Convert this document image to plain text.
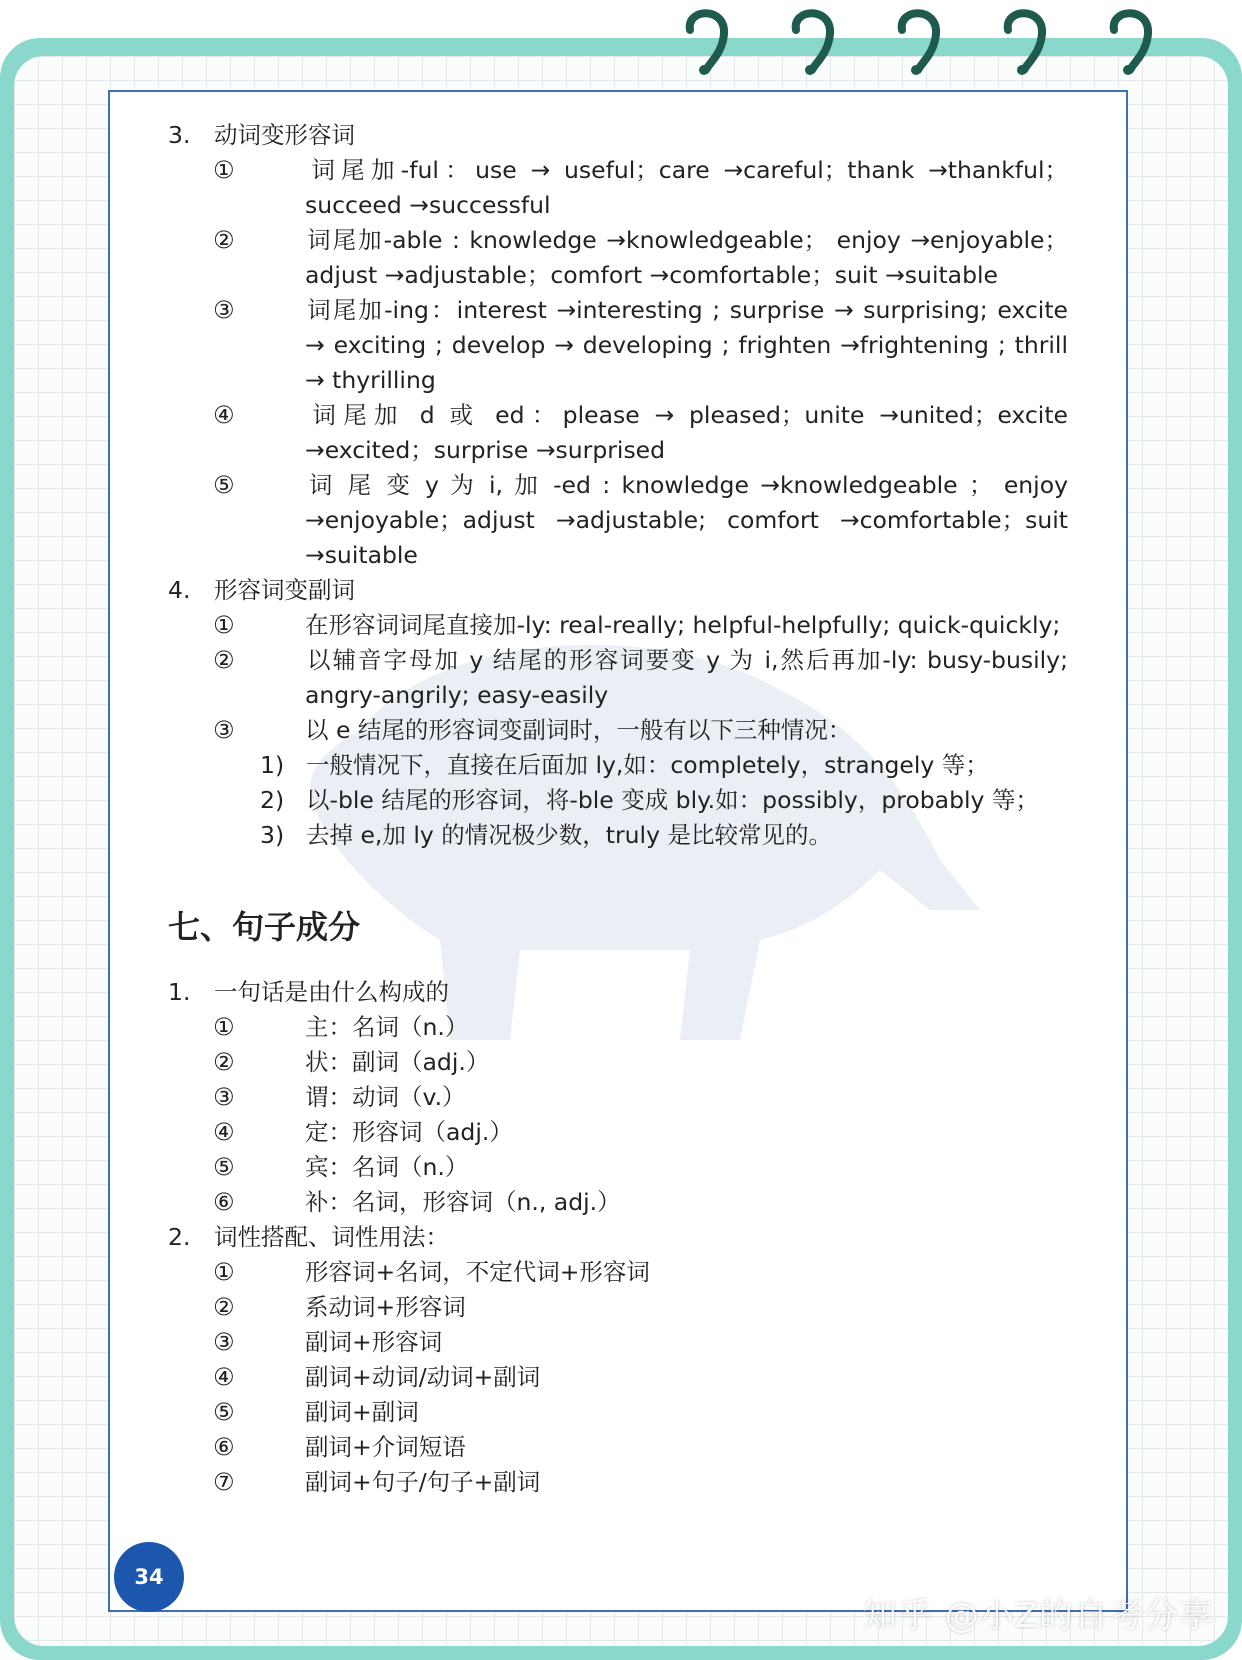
3.	动词变形容词
①	词尾加-ful：use → useful；care →careful；thank →thankful；succeed →successful
②	词尾加-able : knowledge →knowledgeable； enjoy →enjoyable；adjust →adjustable；comfort →comfortable；suit →suitable
③	词尾加-ing：interest →interesting ; surprise → surprising; excite → exciting ; develop → developing ; frighten →frightening ; thrill → thyrilling
④	词尾加 d 或 ed：please → pleased；unite →united；excite →excited；surprise →surprised
⑤	词 尾 变 y 为 i, 加 -ed : knowledge →knowledgeable ； enjoy →enjoyable；adjust →adjustable; comfort →comfortable；suit →suitable
4.	形容词变副词
①	在形容词词尾直接加-ly: real-really; helpful-helpfully; quick-quickly;
②	以辅音字母加 y 结尾的形容词要变 y 为 i,然后再加-ly: busy-busily; angry-angrily; easy-easily
③	以 e 结尾的形容词变副词时，一般有以下三种情况：
1) 一般情况下，直接在后面加 ly,如：completely，strangely 等；
2) 以-ble 结尾的形容词，将-ble 变成 bly.如：possibly，probably 等；
3) 去掉 e,加 ly 的情况极少数，truly 是比较常见的。
七、句子成分
1.	一句话是由什么构成的
①	主：名词（n.）
②	状：副词（adj.）
③	谓：动词（v.）
④	定：形容词（adj.）
⑤	宾：名词（n.）
⑥	补：名词，形容词（n., adj.）
2.	词性搭配、词性用法：
①	形容词+名词，不定代词+形容词
②	系动词+形容词
③	副词+形容词
④	副词+动词/动词+副词
⑤	副词+副词
⑥	副词+介词短语
⑦	副词+句子/句子+副词
34
知乎 @小Z的自考分享
